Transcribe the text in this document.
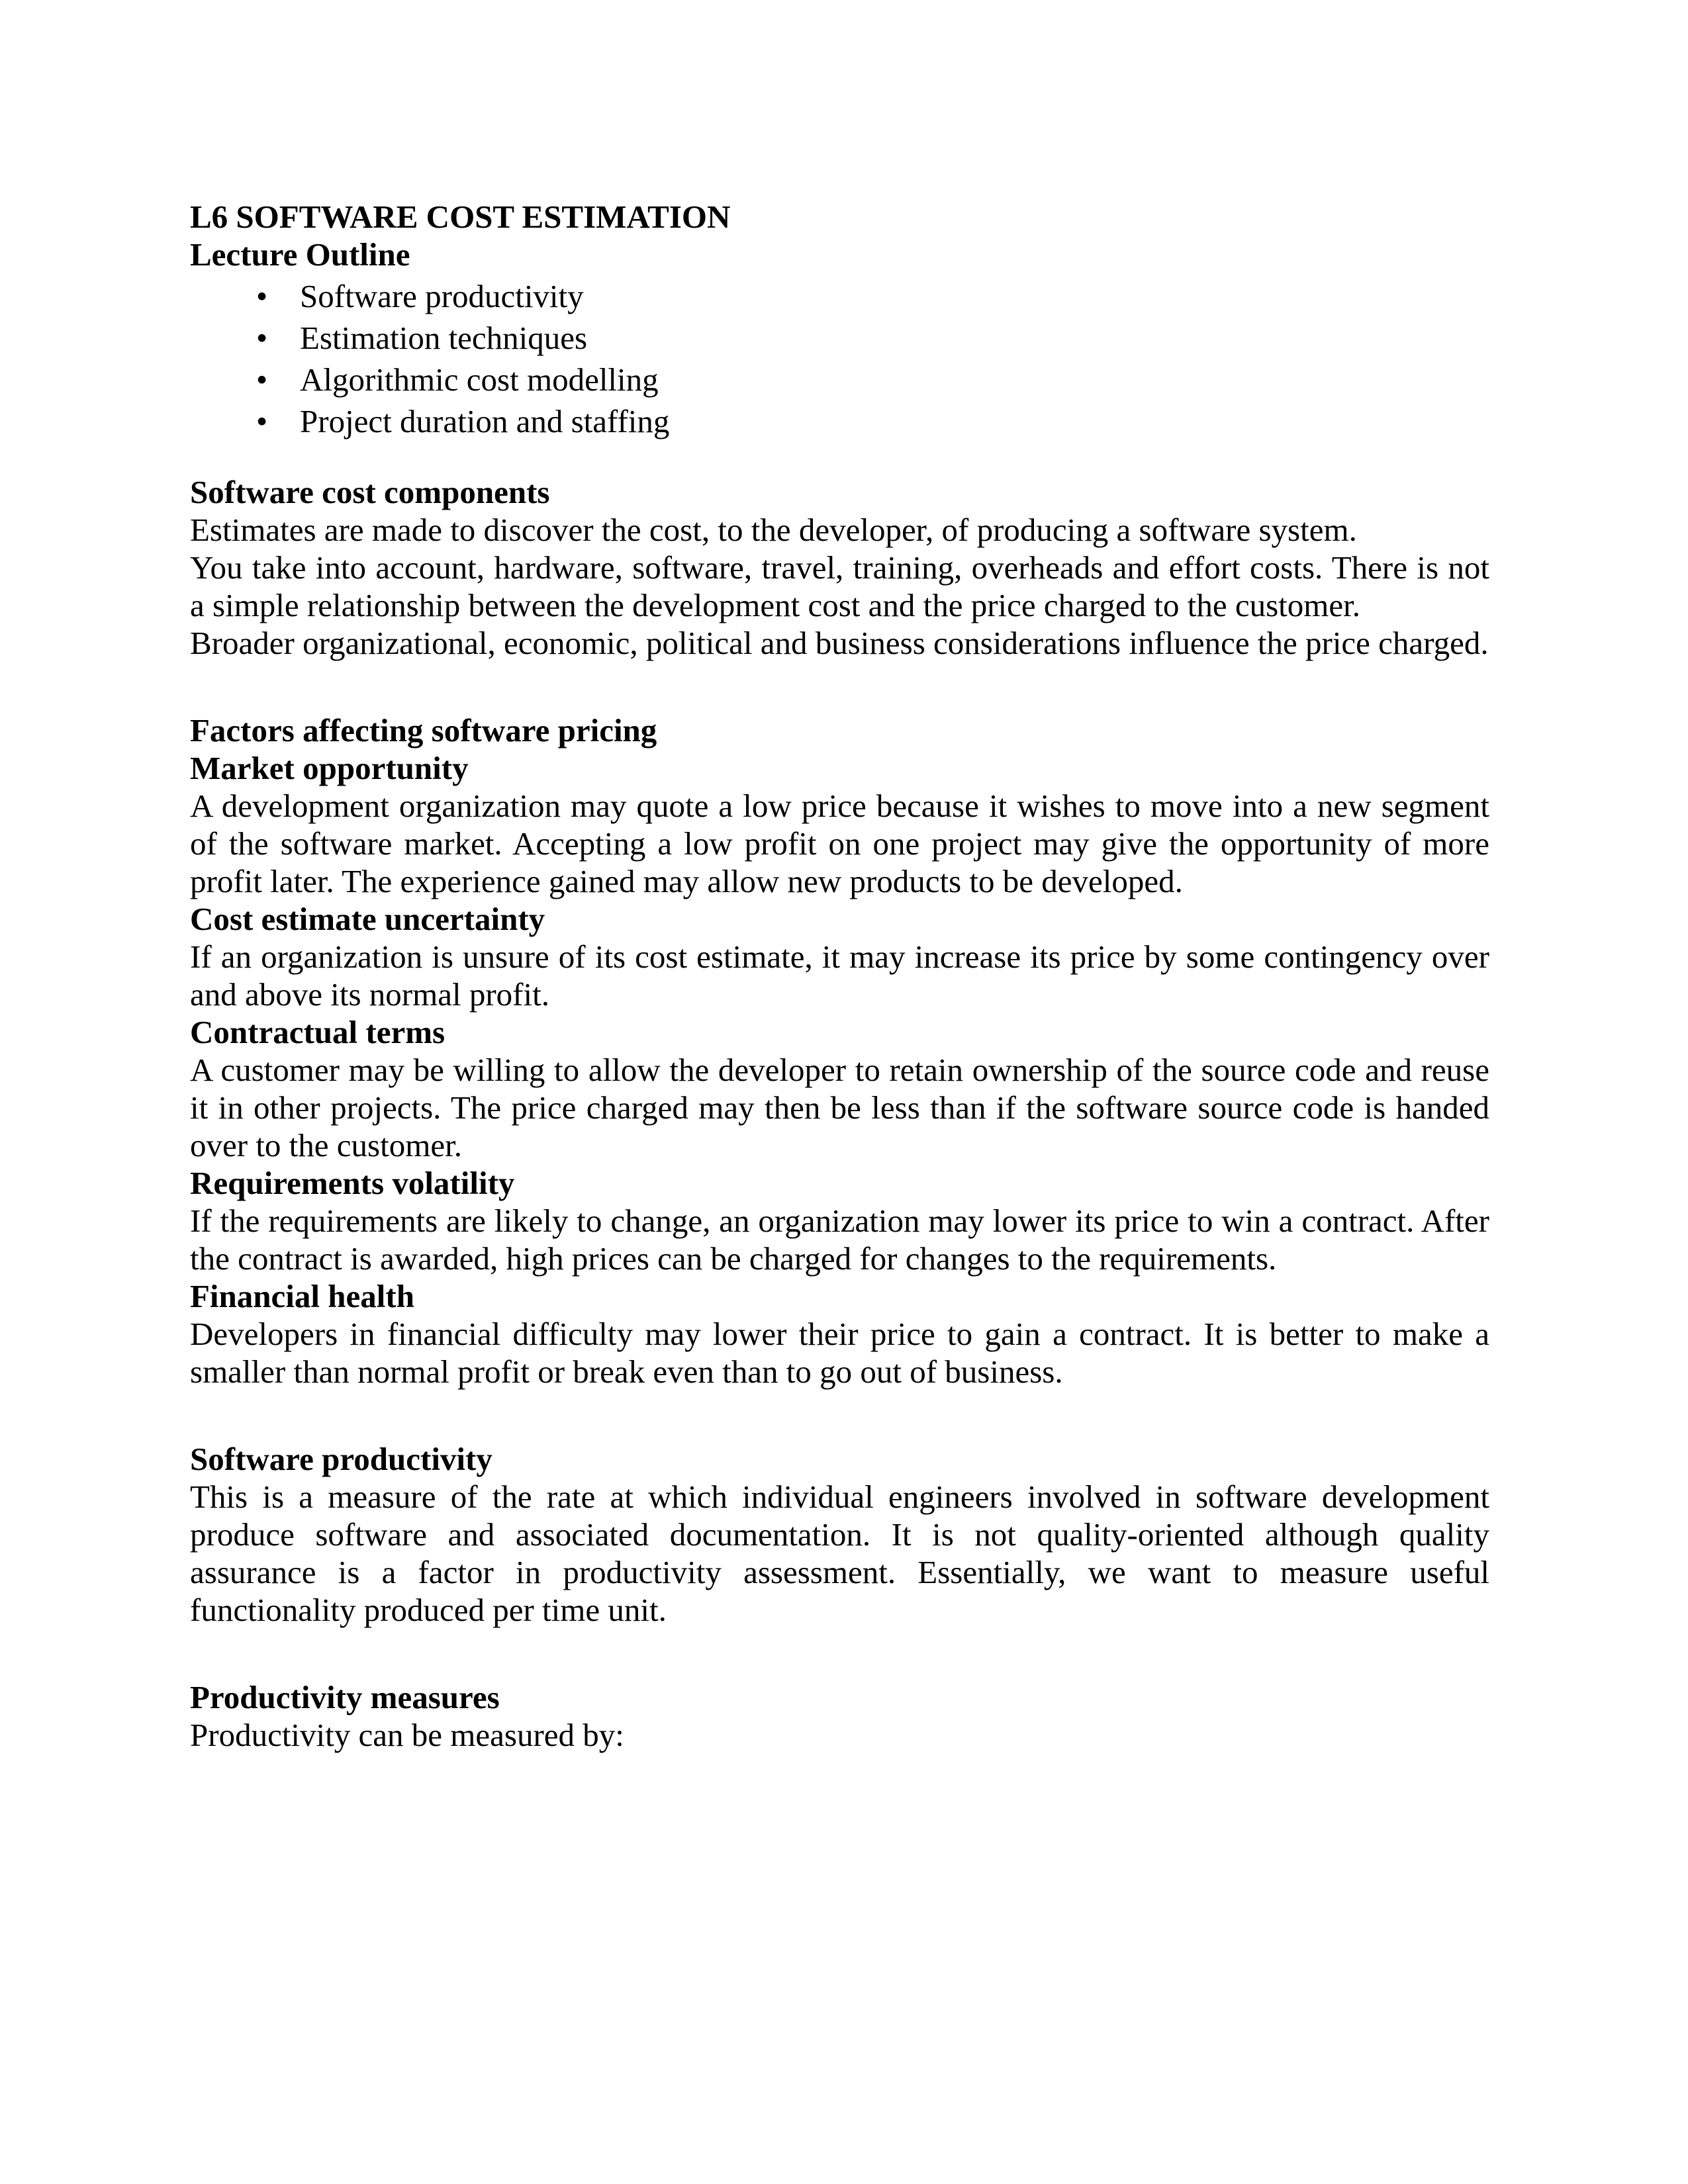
L6 SOFTWARE COST ESTIMATION

Lecture Outline

• Software productivity
• Estimation techniques
• Algorithmic cost modelling
• Project duration and staffing

Software cost components

Estimates are made to discover the cost, to the developer, of producing a software system.

You take into account, hardware, software, travel, training, overheads and effort costs. There is not a simple relationship between the development cost and the price charged to the customer.

Broader organizational, economic, political and business considerations influence the price charged.

Factors affecting software pricing

Market opportunity

A development organization may quote a low price because it wishes to move into a new segment of the software market. Accepting a low profit on one project may give the opportunity of more profit later. The experience gained may allow new products to be developed.

Cost estimate uncertainty

If an organization is unsure of its cost estimate, it may increase its price by some contingency over and above its normal profit.

Contractual terms

A customer may be willing to allow the developer to retain ownership of the source code and reuse it in other projects. The price charged may then be less than if the software source code is handed over to the customer.

Requirements volatility

If the requirements are likely to change, an organization may lower its price to win a contract. After the contract is awarded, high prices can be charged for changes to the requirements.

Financial health

Developers in financial difficulty may lower their price to gain a contract. It is better to make a smaller than normal profit or break even than to go out of business.

Software productivity

This is a measure of the rate at which individual engineers involved in software development produce software and associated documentation. It is not quality-oriented although quality assurance is a factor in productivity assessment. Essentially, we want to measure useful functionality produced per time unit.

Productivity measures

Productivity can be measured by:
